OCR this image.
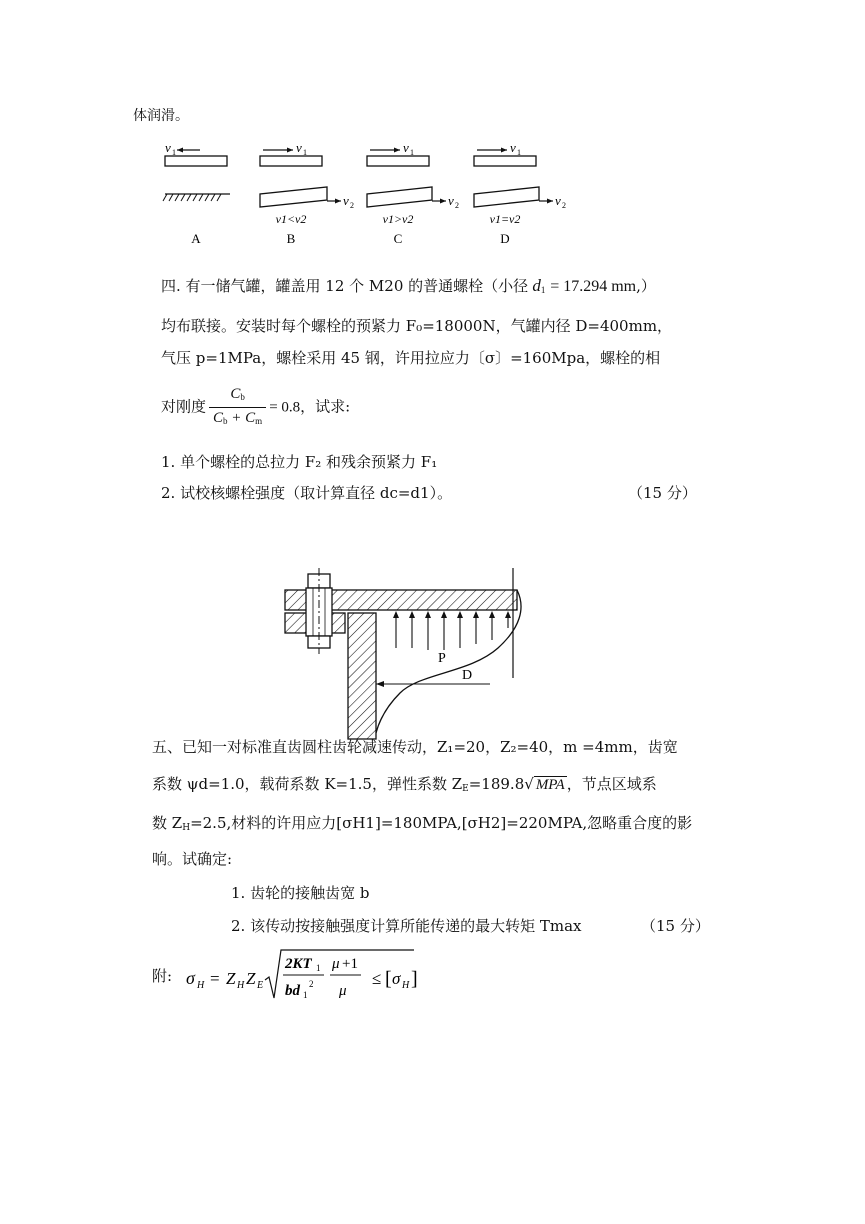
体润滑。
v 1
A
v 1
v 2
v1<v2
B
v 1
v 2
v1>v2
C
v 1
v 2
v1=v2
D
四. 有一储气罐，罐盖用 12 个 M20 的普通螺栓（小径 $d_1 = 17.294$ mm,）
均布联接。安装时每个螺栓的预紧力 F₀=18000N，气罐内径 D=400mm，
气压 p=1MPa，螺栓采用 45 钢，许用拉应力〔σ〕=160Mpa，螺栓的相
对刚度 $\frac{C_b}{C_b + C_m} = 0.8$，试求:
1. 单个螺栓的总拉力 F₂ 和残余预紧力 F₁
2. 试校核螺栓强度（取计算直径 dc=d1）。	（15 分）
P
D
五、已知一对标准直齿圆柱齿轮减速传动，Z₁=20，Z₂=40，m =4mm，齿宽
系数 ψd=1.0，载荷系数 K=1.5，弹性系数 $Z_E=189.8√$ MPA ，节点区域系
数 $Z_H=2.5$,材料的许用应力[σH1]=180MPA,[σH2]=220MPA,忽略重合度的影
响。试确定:
1. 齿轮的接触齿宽 b
2. 该传动按接触强度计算所能传递的最大转矩 Tmax	（15 分）
附: σ H = Z H Z E
2KT 1
bd 1
2
μ +1
μ
≤ [ σ H ]
